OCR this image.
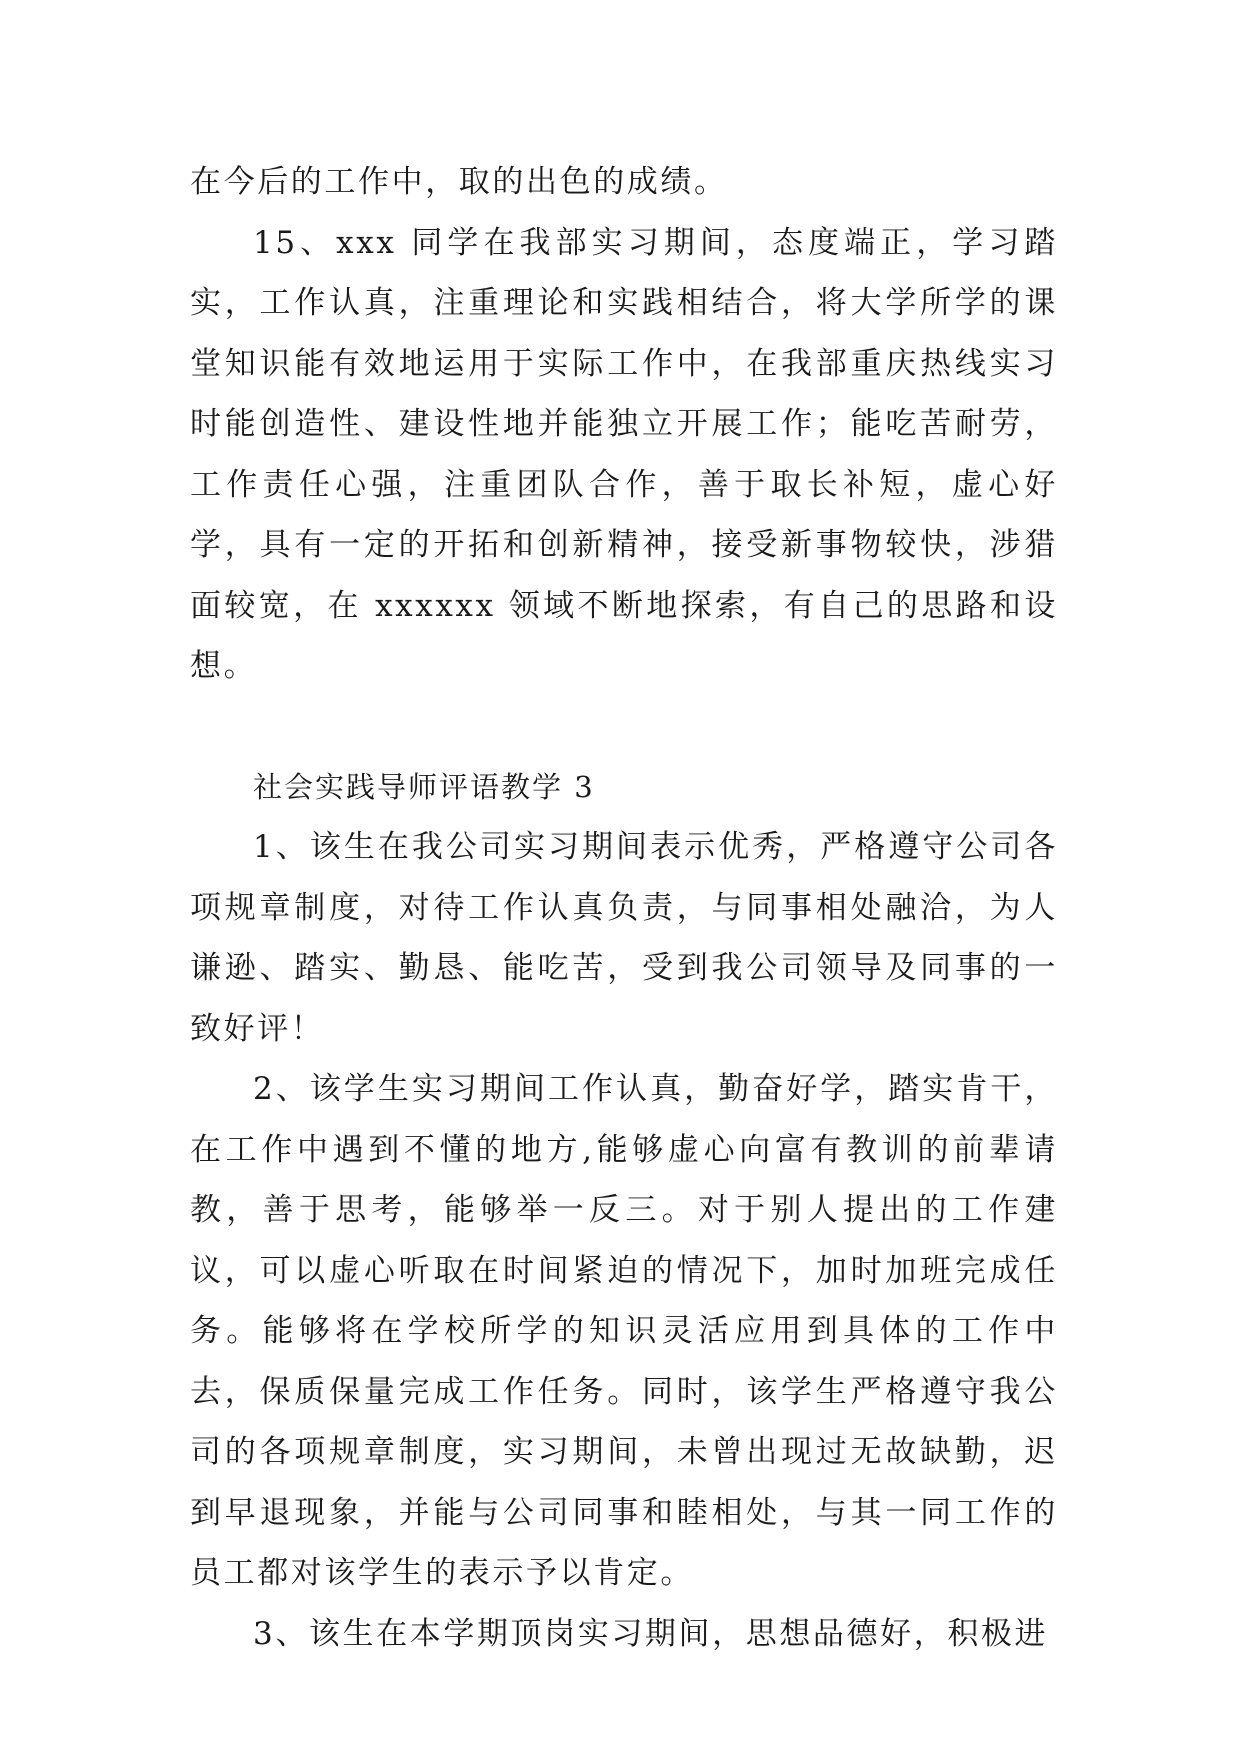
在今后的工作中，取的出色的成绩。

15、xxx 同学在我部实习期间，态度端正，学习踏实，工作认真，注重理论和实践相结合，将大学所学的课堂知识能有效地运用于实际工作中，在我部重庆热线实习时能创造性、建设性地并能独立开展工作；能吃苦耐劳，工作责任心强，注重团队合作，善于取长补短，虚心好学，具有一定的开拓和创新精神，接受新事物较快，涉猎面较宽，在 xxxxxx 领域不断地探索，有自己的思路和设想。

社会实践导师评语教学 3

1、该生在我公司实习期间表示优秀，严格遵守公司各项规章制度，对待工作认真负责，与同事相处融洽，为人谦逊、踏实、勤恳、能吃苦，受到我公司领导及同事的一致好评！

2、该学生实习期间工作认真，勤奋好学，踏实肯干，在工作中遇到不懂的地方,能够虚心向富有教训的前辈请教，善于思考，能够举一反三。对于别人提出的工作建议，可以虚心听取在时间紧迫的情况下，加时加班完成任务。能够将在学校所学的知识灵活应用到具体的工作中去，保质保量完成工作任务。同时，该学生严格遵守我公司的各项规章制度，实习期间，未曾出现过无故缺勤，迟到早退现象，并能与公司同事和睦相处，与其一同工作的员工都对该学生的表示予以肯定。

3、该生在本学期顶岗实习期间，思想品德好，积极进
